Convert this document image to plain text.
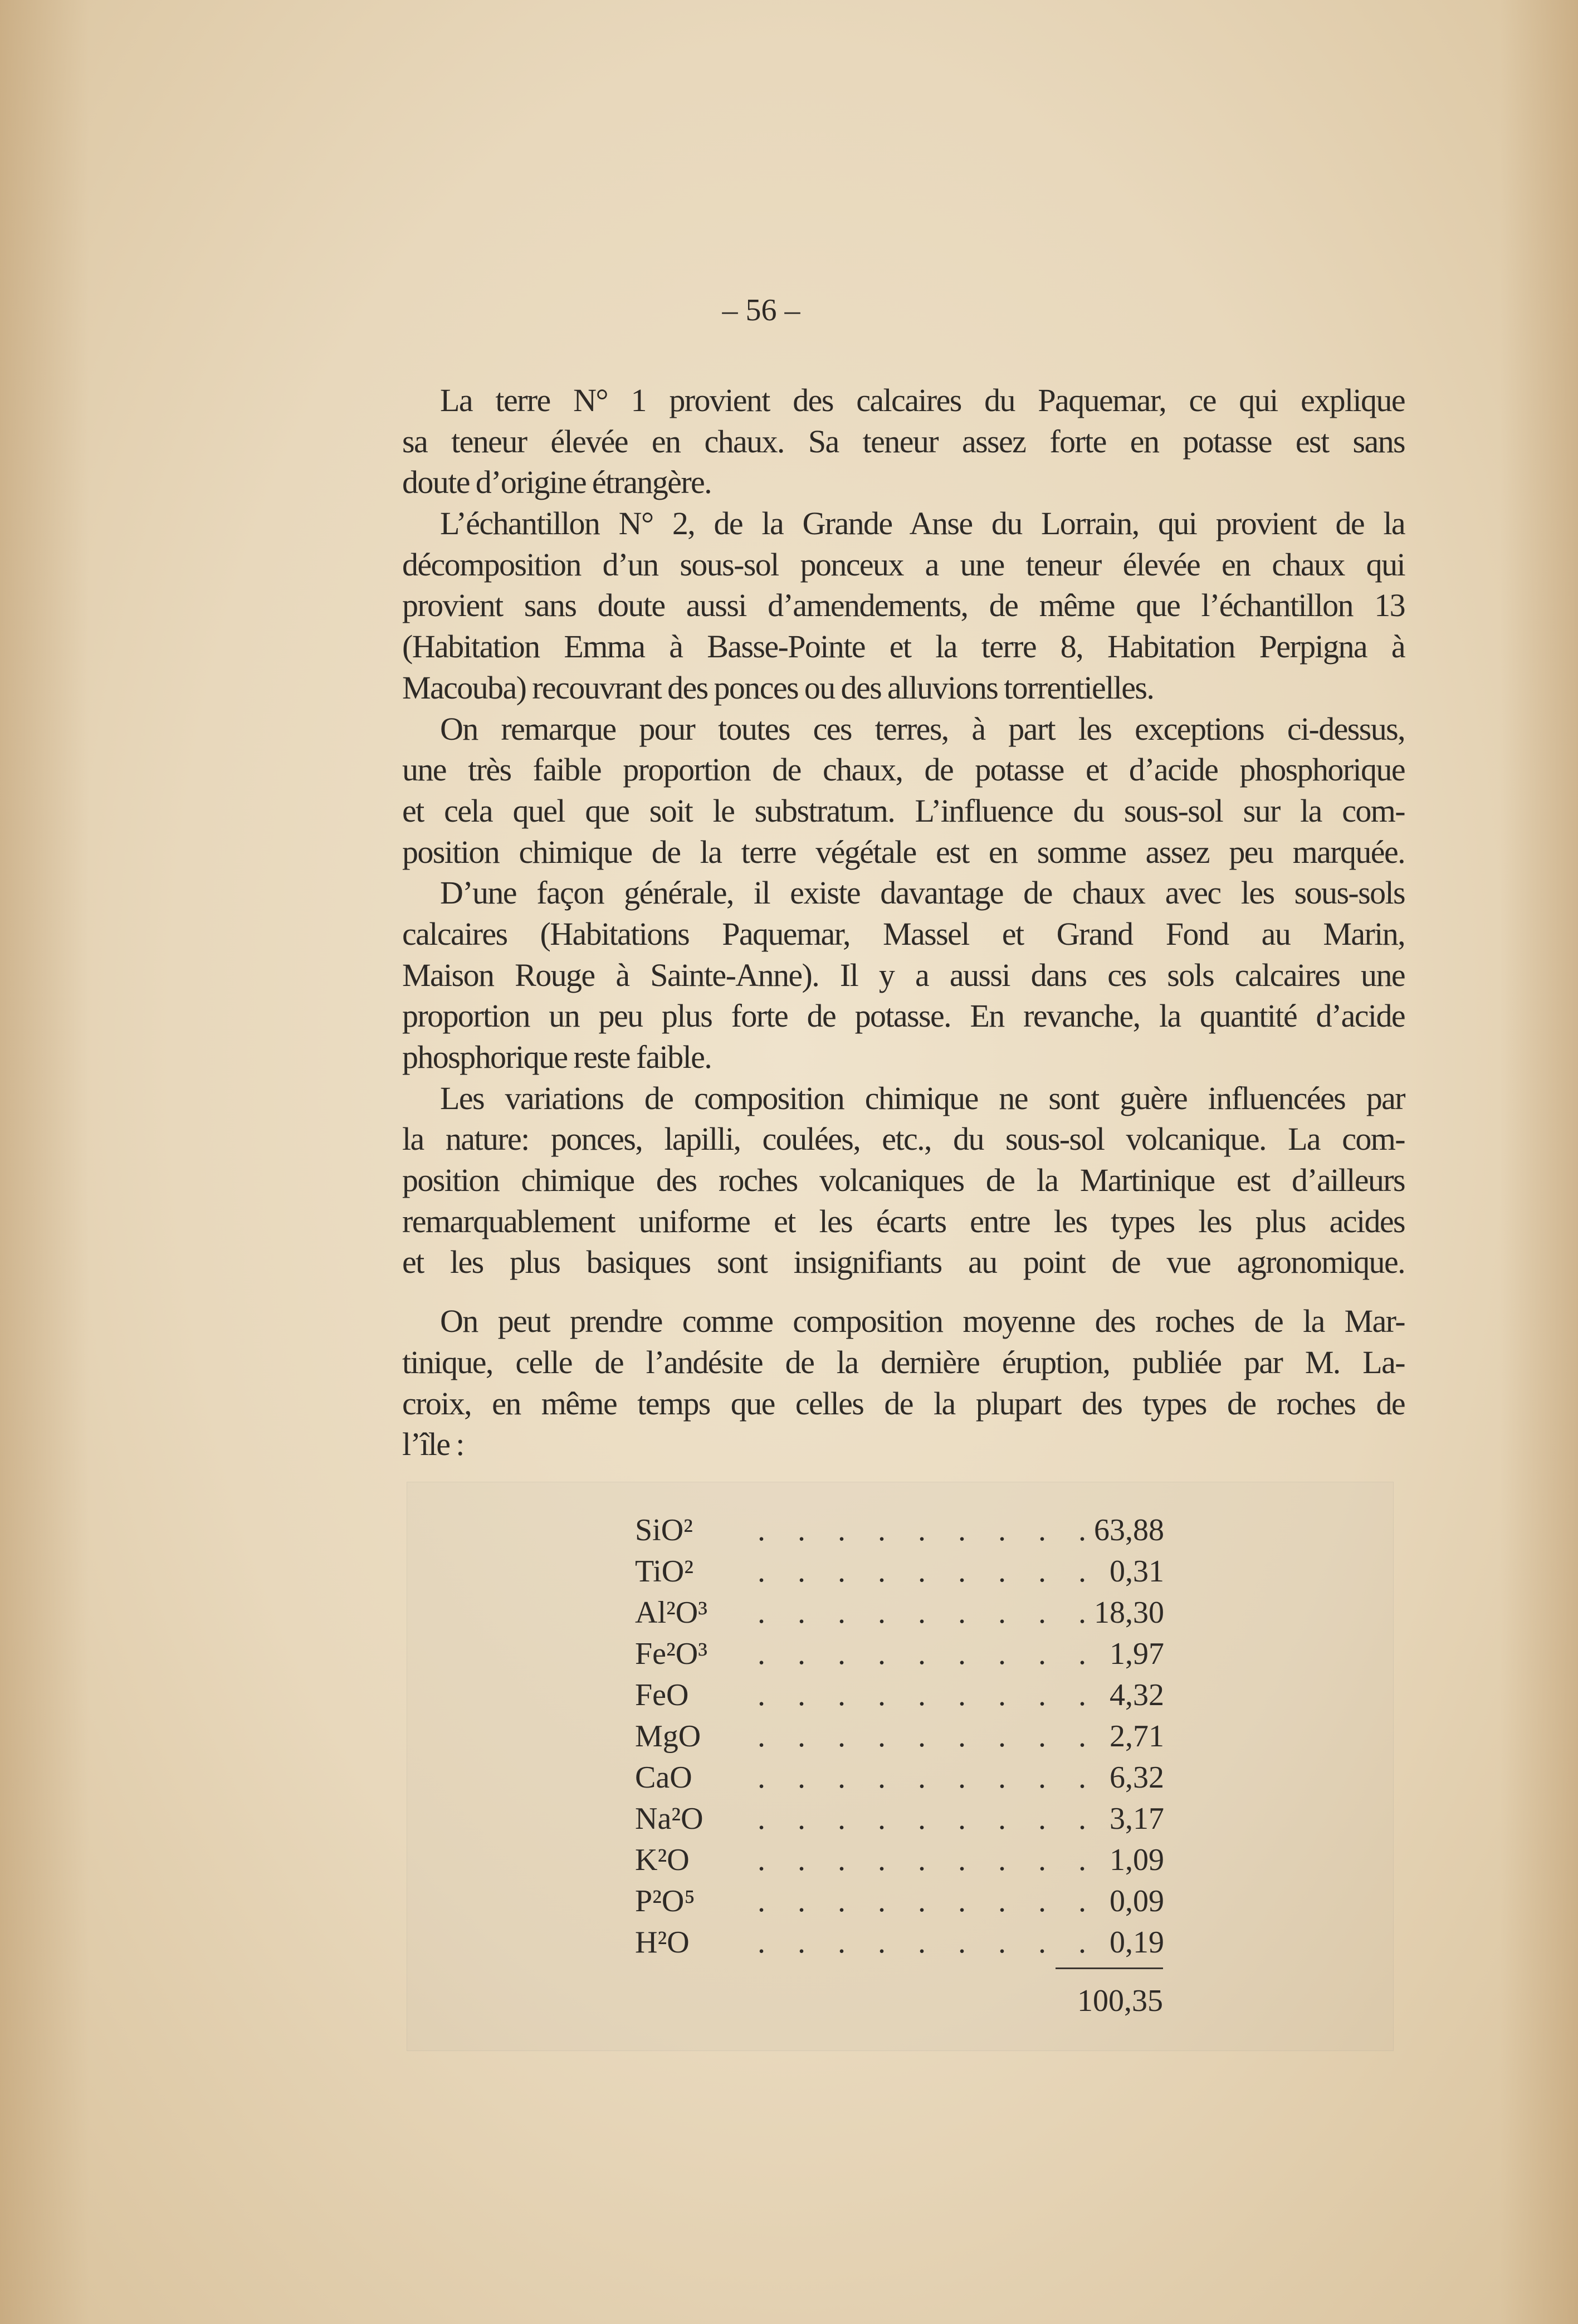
– 56 –
La terre N° 1 provient des calcaires du Paquemar, ce qui explique
sa teneur élevée en chaux. Sa teneur assez forte en potasse est sans
doute d’origine étrangère.
L’échantillon N° 2, de la Grande Anse du Lorrain, qui provient de la
décomposition d’un sous-sol ponceux a une teneur élevée en chaux qui
provient sans doute aussi d’amendements, de même que l’échantillon 13
(Habitation Emma à Basse-Pointe et la terre 8, Habitation Perpigna à
Macouba) recouvrant des ponces ou des alluvions torrentielles.
On remarque pour toutes ces terres, à part les exceptions ci-dessus,
une très faible proportion de chaux, de potasse et d’acide phosphorique
et cela quel que soit le substratum. L’influence du sous-sol sur la com-
position chimique de la terre végétale est en somme assez peu marquée.
D’une façon générale, il existe davantage de chaux avec les sous-sols
calcaires (Habitations Paquemar, Massel et Grand Fond au Marin,
Maison Rouge à Sainte-Anne). Il y a aussi dans ces sols calcaires une
proportion un peu plus forte de potasse. En revanche, la quantité d’acide
phosphorique reste faible.
Les variations de composition chimique ne sont guère influencées par
la nature: ponces, lapilli, coulées, etc., du sous-sol volcanique. La com-
position chimique des roches volcaniques de la Martinique est d’ailleurs
remarquablement uniforme et les écarts entre les types les plus acides
et les plus basiques sont insignifiants au point de vue agronomique.
On peut prendre comme composition moyenne des roches de la Mar-
tinique, celle de l’andésite de la dernière éruption, publiée par M. La-
croix, en même temps que celles de la plupart des types de roches de
l’île :
SiO² . . . . . . . . .
63,88
TiO² . . . . . . . . . 0,31
Al²O³ . . . . . . . . .
18,30
Fe²O³ . . . . . . . . . 1,97
FeO . . . . . . . . . 4,32
MgO . . . . . . . . . 2,71
CaO . . . . . . . . . 6,32
Na²O . . . . . . . . . 3,17
K²O . . . . . . . . . 1,09
P²O⁵ . . . . . . . . . 0,09
H²O . . . . . . . . . 0,19
100,35
